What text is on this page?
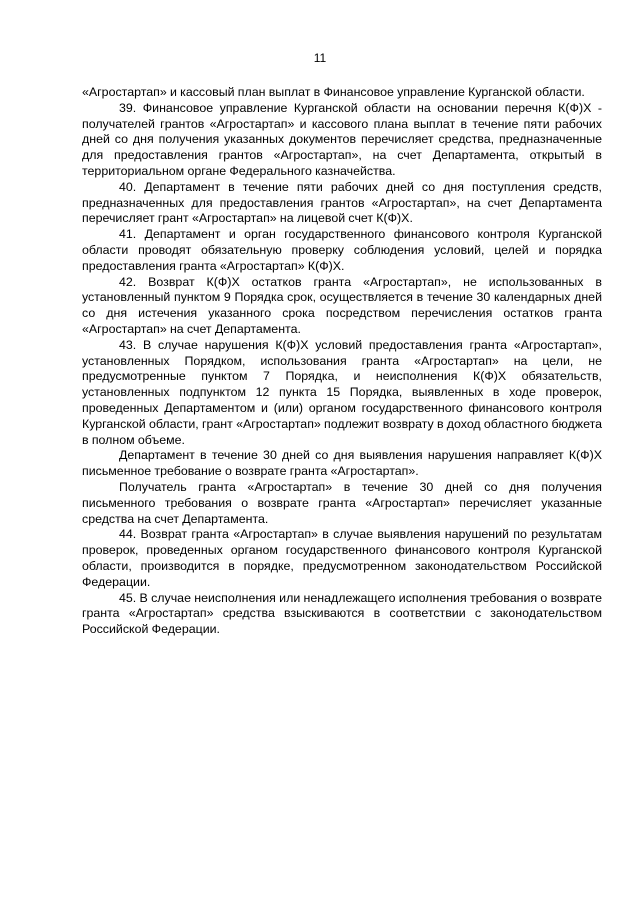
11

«Агростартап» и кассовый план выплат в Финансовое управление Курганской области.

39. Финансовое управление Курганской области на основании перечня К(Ф)Х - получателей грантов «Агростартап» и кассового плана выплат в течение пяти рабочих дней со дня получения указанных документов перечисляет средства, предназначенные для предоставления грантов «Агростартап», на счет Департамента, открытый в территориальном органе Федерального казначейства.

40. Департамент в течение пяти рабочих дней со дня поступления средств, предназначенных для предоставления грантов «Агростартап», на счет Департамента перечисляет грант «Агростартап» на лицевой счет К(Ф)Х.

41. Департамент и орган государственного финансового контроля Курганской области проводят обязательную проверку соблюдения условий, целей и порядка предоставления гранта «Агростартап» К(Ф)Х.

42. Возврат К(Ф)Х остатков гранта «Агростартап», не использованных в установленный пунктом 9 Порядка срок, осуществляется в течение 30 календарных дней со дня истечения указанного срока посредством перечисления остатков гранта «Агростартап» на счет Департамента.

43. В случае нарушения К(Ф)Х условий предоставления гранта «Агростартап», установленных Порядком, использования гранта «Агростартап» на цели, не предусмотренные пунктом 7 Порядка, и неисполнения К(Ф)Х обязательств, установленных подпунктом 12 пункта 15 Порядка, выявленных в ходе проверок, проведенных Департаментом и (или) органом государственного финансового контроля Курганской области, грант «Агростартап» подлежит возврату в доход областного бюджета в полном объеме.

Департамент в течение 30 дней со дня выявления нарушения направляет К(Ф)Х письменное требование о возврате гранта «Агростартап».

Получатель гранта «Агростартап» в течение 30 дней со дня получения письменного требования о возврате гранта «Агростартап» перечисляет указанные средства на счет Департамента.

44. Возврат гранта «Агростартап» в случае выявления нарушений по результатам проверок, проведенных органом государственного финансового контроля Курганской области, производится в порядке, предусмотренном законодательством Российской Федерации.

45. В случае неисполнения или ненадлежащего исполнения требования о возврате гранта «Агростартап» средства взыскиваются в соответствии с законодательством Российской Федерации.
